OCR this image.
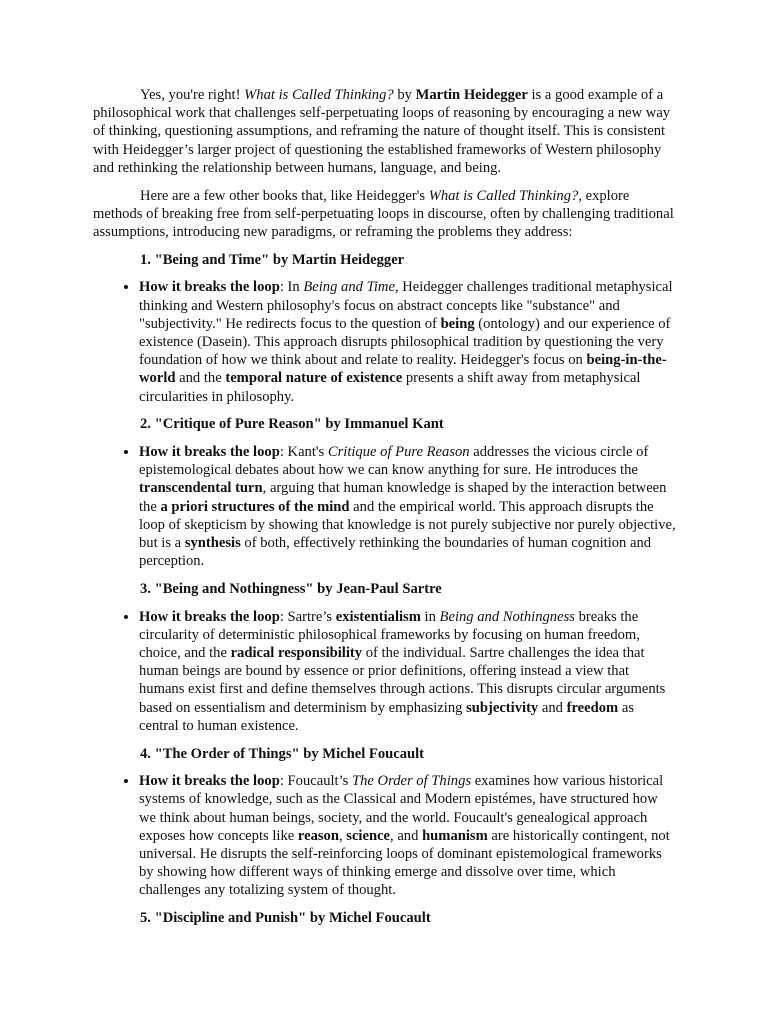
Yes, you're right! What is Called Thinking? by Martin Heidegger is a good example of a philosophical work that challenges self-perpetuating loops of reasoning by encouraging a new way of thinking, questioning assumptions, and reframing the nature of thought itself. This is consistent with Heidegger’s larger project of questioning the established frameworks of Western philosophy and rethinking the relationship between humans, language, and being.

Here are a few other books that, like Heidegger's What is Called Thinking?, explore methods of breaking free from self-perpetuating loops in discourse, often by challenging traditional assumptions, introducing new paradigms, or reframing the problems they address:

1. "Being and Time" by Martin Heidegger
• How it breaks the loop: In Being and Time, Heidegger challenges traditional metaphysical thinking and Western philosophy's focus on abstract concepts like "substance" and "subjectivity." He redirects focus to the question of being (ontology) and our experience of existence (Dasein). This approach disrupts philosophical tradition by questioning the very foundation of how we think about and relate to reality. Heidegger's focus on being-in-the-world and the temporal nature of existence presents a shift away from metaphysical circularities in philosophy.
2. "Critique of Pure Reason" by Immanuel Kant
• How it breaks the loop: Kant's Critique of Pure Reason addresses the vicious circle of epistemological debates about how we can know anything for sure. He introduces the transcendental turn, arguing that human knowledge is shaped by the interaction between the a priori structures of the mind and the empirical world. This approach disrupts the loop of skepticism by showing that knowledge is not purely subjective nor purely objective, but is a synthesis of both, effectively rethinking the boundaries of human cognition and perception.
3. "Being and Nothingness" by Jean-Paul Sartre
• How it breaks the loop: Sartre’s existentialism in Being and Nothingness breaks the circularity of deterministic philosophical frameworks by focusing on human freedom, choice, and the radical responsibility of the individual. Sartre challenges the idea that human beings are bound by essence or prior definitions, offering instead a view that humans exist first and define themselves through actions. This disrupts circular arguments based on essentialism and determinism by emphasizing subjectivity and freedom as central to human existence.
4. "The Order of Things" by Michel Foucault
• How it breaks the loop: Foucault’s The Order of Things examines how various historical systems of knowledge, such as the Classical and Modern epistémes, have structured how we think about human beings, society, and the world. Foucault's genealogical approach exposes how concepts like reason, science, and humanism are historically contingent, not universal. He disrupts the self-reinforcing loops of dominant epistemological frameworks by showing how different ways of thinking emerge and dissolve over time, which challenges any totalizing system of thought.
5. "Discipline and Punish" by Michel Foucault
